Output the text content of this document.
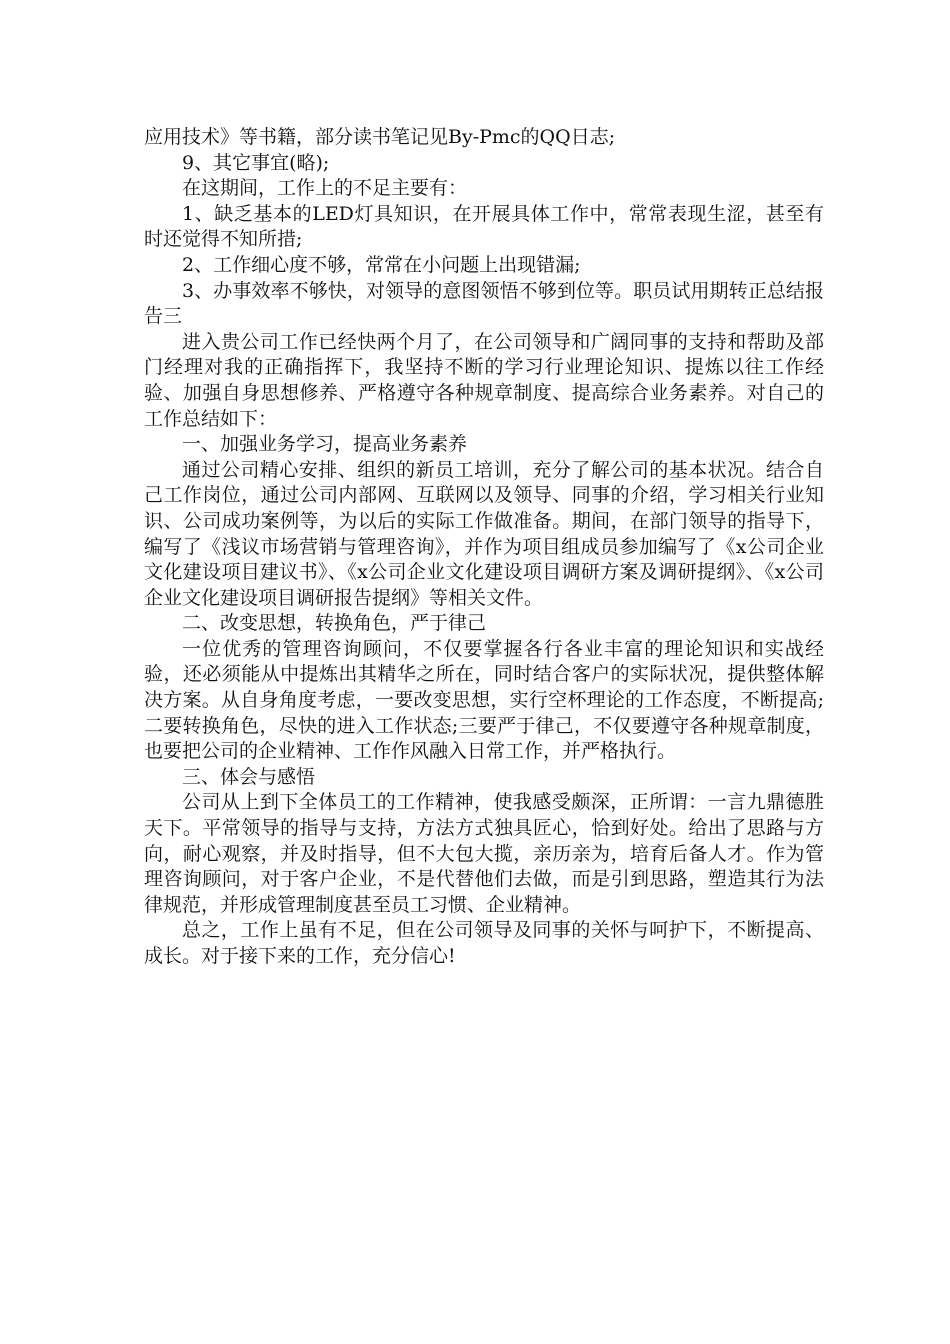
应用技术》等书籍，部分读书笔记见By-Pmc的QQ日志;

9、其它事宜(略);

在这期间，工作上的不足主要有：

1、缺乏基本的LED灯具知识，在开展具体工作中，常常表现生涩，甚至有时还觉得不知所措;

2、工作细心度不够，常常在小问题上出现错漏;

3、办事效率不够快，对领导的意图领悟不够到位等。职员试用期转正总结报告三

进入贵公司工作已经快两个月了，在公司领导和广阔同事的支持和帮助及部门经理对我的正确指挥下，我坚持不断的学习行业理论知识、提炼以往工作经验、加强自身思想修养、严格遵守各种规章制度、提高综合业务素养。对自己的工作总结如下：

一、加强业务学习，提高业务素养

通过公司精心安排、组织的新员工培训，充分了解公司的基本状况。结合自己工作岗位，通过公司内部网、互联网以及领导、同事的介绍，学习相关行业知识、公司成功案例等，为以后的实际工作做准备。期间，在部门领导的指导下，编写了《浅议市场营销与管理咨询》，并作为项目组成员参加编写了《x公司企业文化建设项目建议书》、《x公司企业文化建设项目调研方案及调研提纲》、《x公司企业文化建设项目调研报告提纲》等相关文件。

二、改变思想，转换角色，严于律己

一位优秀的管理咨询顾问，不仅要掌握各行各业丰富的理论知识和实战经验，还必须能从中提炼出其精华之所在，同时结合客户的实际状况，提供整体解决方案。从自身角度考虑，一要改变思想，实行空杯理论的工作态度，不断提高;二要转换角色，尽快的进入工作状态;三要严于律己，不仅要遵守各种规章制度，也要把公司的企业精神、工作作风融入日常工作，并严格执行。

三、体会与感悟

公司从上到下全体员工的工作精神，使我感受颇深，正所谓：一言九鼎德胜天下。平常领导的指导与支持，方法方式独具匠心，恰到好处。给出了思路与方向，耐心观察，并及时指导，但不大包大揽，亲历亲为，培育后备人才。作为管理咨询顾问，对于客户企业，不是代替他们去做，而是引到思路，塑造其行为法律规范，并形成管理制度甚至员工习惯、企业精神。

总之，工作上虽有不足，但在公司领导及同事的关怀与呵护下，不断提高、成长。对于接下来的工作，充分信心!
